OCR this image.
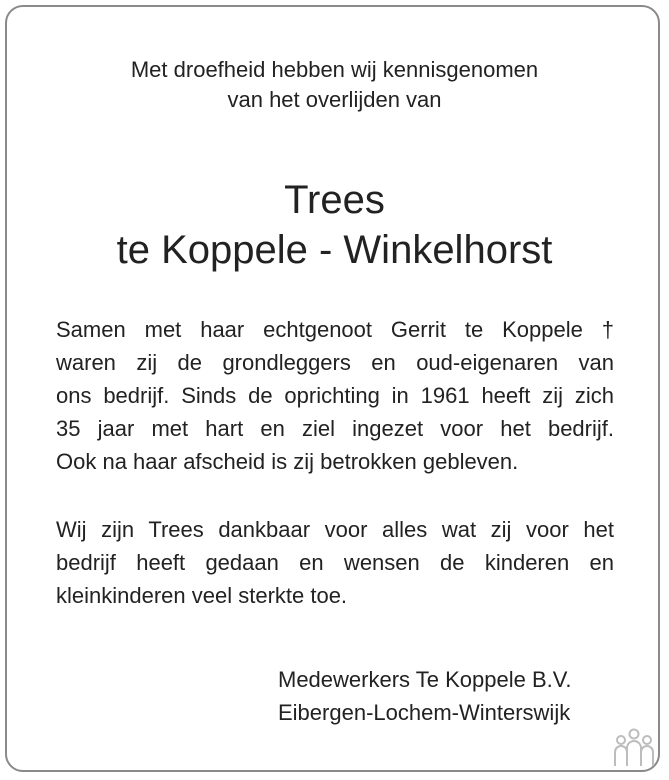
Met droefheid hebben wij kennisgenomen
van het overlijden van

Trees
te Koppele - Winkelhorst

Samen met haar echtgenoot Gerrit te Koppele †
waren zij de grondleggers en oud-eigenaren van
ons bedrijf. Sinds de oprichting in 1961 heeft zij zich
35 jaar met hart en ziel ingezet voor het bedrijf.
Ook na haar afscheid is zij betrokken gebleven.

Wij zijn Trees dankbaar voor alles wat zij voor het
bedrijf heeft gedaan en wensen de kinderen en
kleinkinderen veel sterkte toe.

Medewerkers Te Koppele B.V.
Eibergen-Lochem-Winterswijk
